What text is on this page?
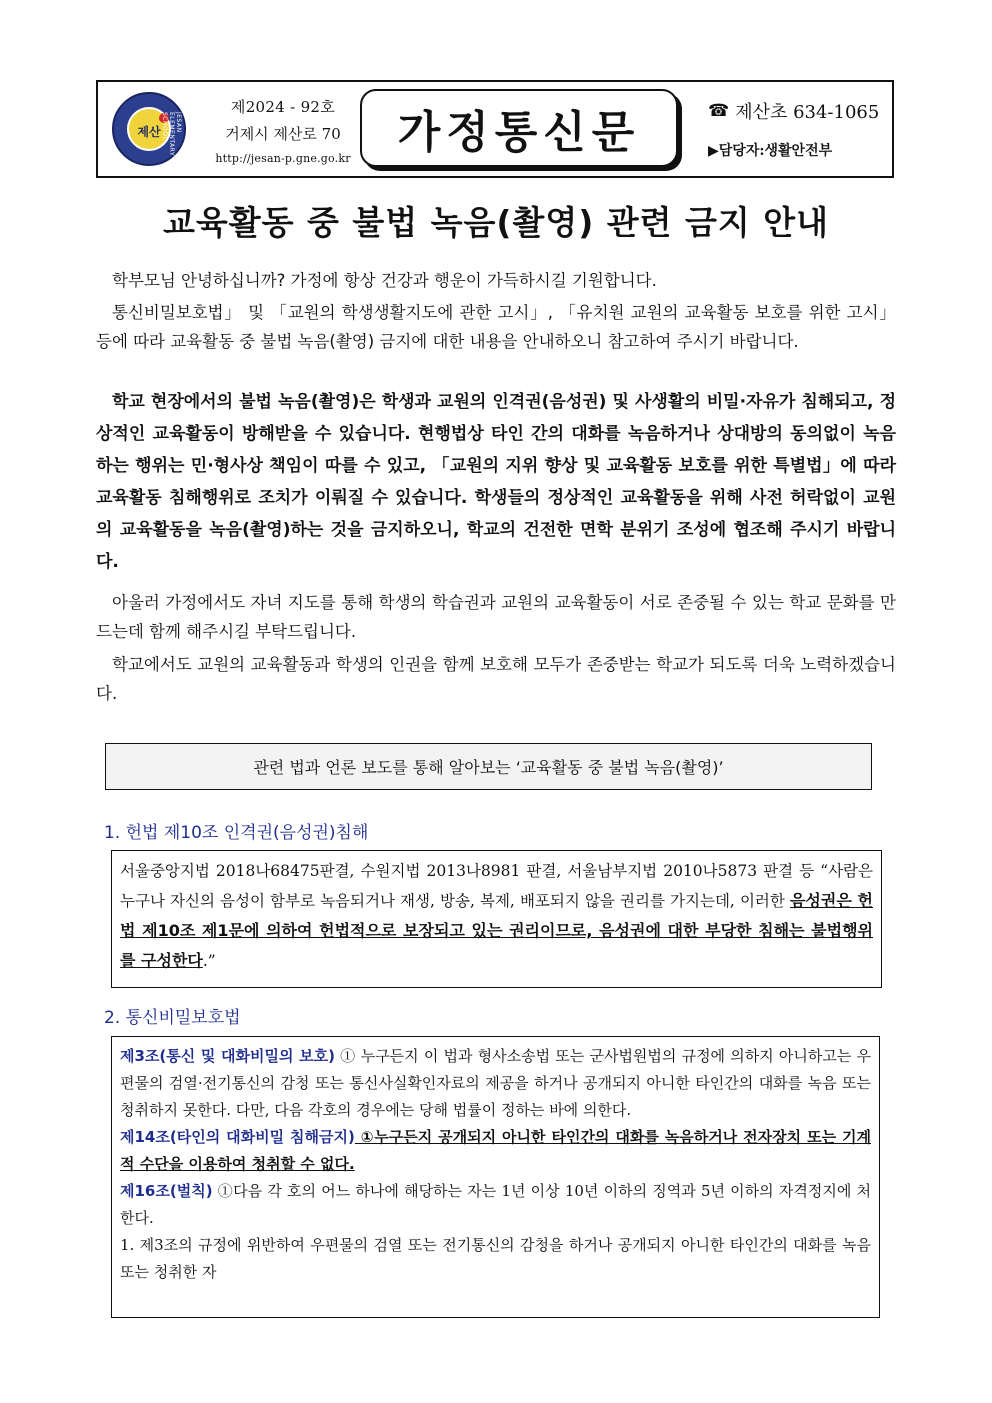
제산	JESAN ELEMENTARY SCHOOL
제2024 - 92호
거제시 제산로 70
http://jesan-p.gne.go.kr
가정통신문	☎ 제산초 634-1065
▶담당자:생활안전부
교육활동 중 불법 녹음(촬영) 관련 금지 안내
학부모님 안녕하십니까? 가정에 항상 건강과 행운이 가득하시길 기원합니다.
통신비밀보호법」 및 「교원의 학생생활지도에 관한 고시」, 「유치원 교원의 교육활동 보호를 위한 고시」 등에 따라 교육활동 중 불법 녹음(촬영) 금지에 대한 내용을 안내하오니 참고하여 주시기 바랍니다.
학교 현장에서의 불법 녹음(촬영)은 학생과 교원의 인격권(음성권) 및 사생활의 비밀·자유가 침해되고, 정상적인 교육활동이 방해받을 수 있습니다. 현행법상 타인 간의 대화를 녹음하거나 상대방의 동의없이 녹음하는 행위는 민·형사상 책임이 따를 수 있고, 「교원의 지위 향상 및 교육활동 보호를 위한 특별법」에 따라 교육활동 침해행위로 조치가 이뤄질 수 있습니다. 학생들의 정상적인 교육활동을 위해 사전 허락없이 교원의 교육활동을 녹음(촬영)하는 것을 금지하오니, 학교의 건전한 면학 분위기 조성에 협조해 주시기 바랍니다.
아울러 가정에서도 자녀 지도를 통해 학생의 학습권과 교원의 교육활동이 서로 존중될 수 있는 학교 문화를 만드는데 함께 해주시길 부탁드립니다.
학교에서도 교원의 교육활동과 학생의 인권을 함께 보호해 모두가 존중받는 학교가 되도록 더욱 노력하겠습니다.
관련 법과 언론 보도를 통해 알아보는 ‘교육활동 중 불법 녹음(촬영)’
1. 헌법 제10조 인격권(음성권)침해
서울중앙지법 2018나68475판결, 수원지법 2013나8981 판결, 서울남부지법 2010나5873 판결 등 “사람은 누구나 자신의 음성이 함부로 녹음되거나 재생, 방송, 복제, 배포되지 않을 권리를 가지는데, 이러한 음성권은 헌법 제10조 제1문에 의하여 헌법적으로 보장되고 있는 권리이므로, 음성권에 대한 부당한 침해는 불법행위를 구성한다.”
2. 통신비밀보호법
제3조(통신 및 대화비밀의 보호) ① 누구든지 이 법과 형사소송법 또는 군사법원법의 규정에 의하지 아니하고는 우편물의 검열·전기통신의 감청 또는 통신사실확인자료의 제공을 하거나 공개되지 아니한 타인간의 대화를 녹음 또는 청취하지 못한다. 다만, 다음 각호의 경우에는 당해 법률이 정하는 바에 의한다.
제14조(타인의 대화비밀 침해금지) ①누구든지 공개되지 아니한 타인간의 대화를 녹음하거나 전자장치 또는 기계적 수단을 이용하여 청취할 수 없다.
제16조(벌칙) ①다음 각 호의 어느 하나에 해당하는 자는 1년 이상 10년 이하의 징역과 5년 이하의 자격정지에 처한다.
1. 제3조의 규정에 위반하여 우편물의 검열 또는 전기통신의 감청을 하거나 공개되지 아니한 타인간의 대화를 녹음 또는 청취한 자
